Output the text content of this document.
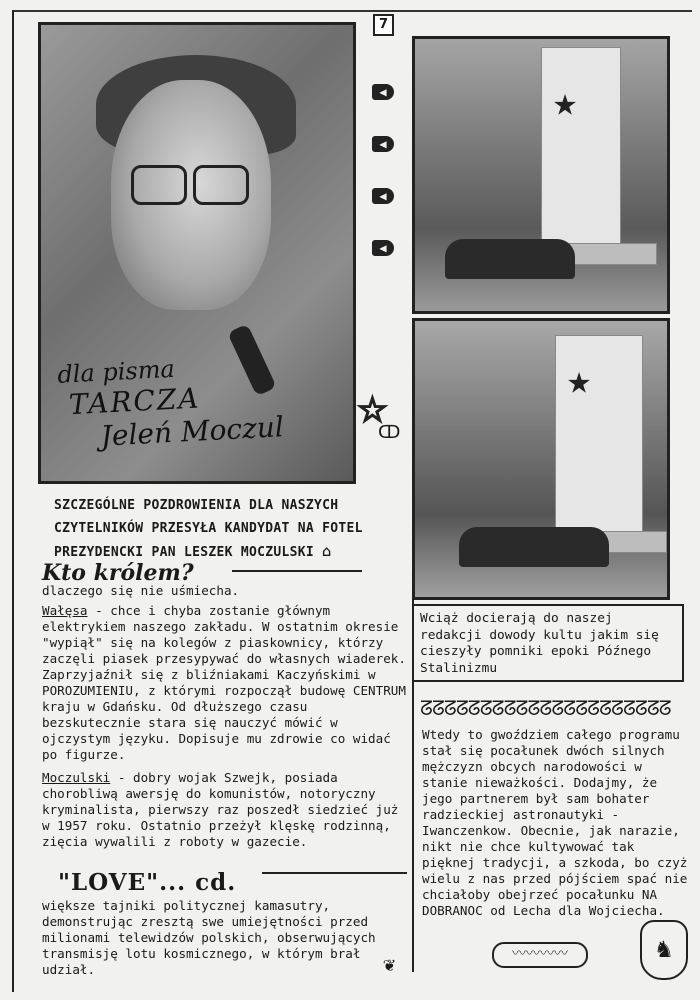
7
dla pisma
TARCZA
Jeleń Moczul
◀
◀
◀
◀
☆
ↀ
★
★
Wciąż docierają do naszej redakcji dowody kultu jakim się cieszyły pomniki epoki Późnego Stalinizmu

SZCZEGÓLNE POZDROWIENIA DLA NASZYCH

CZYTELNIKÓW PRZESYŁA KANDYDAT NA FOTEL

PREZYDENCKI PAN LESZEK MOCZULSKI ⌂

Kto królem?
dlaczego się nie uśmiecha.

Wałęsa - chce i chyba zostanie głównym elektrykiem naszego zakładu. W ostatnim okresie "wypiął" się na kolegów z piaskownicy, którzy zaczęli piasek przesypywać do własnych wiaderek. Zaprzyjaźnił się z bliźniakami Kaczyńskimi w POROZUMIENIU, z którymi rozpoczął budowę CENTRUM kraju w Gdańsku. Od dłuższego czasu bezskutecznie stara się nauczyć mówić w ojczystym języku. Dopisuje mu zdrowie co widać po figurze.

Moczulski - dobry wojak Szwejk, posiada chorobliwą awersję do komunistów, notoryczny kryminalista, pierwszy raz poszedł siedzieć już w 1957 roku. Ostatnio przeżył klęskę rodzinną, zięcia wywalili z roboty w gazecie.

"LOVE"... cd.
większe tajniki politycznej kamasutry, demonstrując zresztą swe umiejętności przed milionami telewidzów polskich, obserwujących transmisję lotu kosmicznego, w którym brał udział.
ᘔᘔᘔᘔᘔᘔᘔᘔᘔᘔᘔᘔᘔᘔᘔᘔᘔᘔᘔᘔᘔ
Wtedy to gwoździem całego programu stał się pocałunek dwóch silnych mężczyzn obcych narodowości w stanie nieważkości. Dodajmy, że jego partnerem był sam bohater radzieckiej astronautyki - Iwanczenkow. Obecnie, jak narazie, nikt nie chce kultywować tak pięknej tradycji, a szkoda, bo czyż wielu z nas przed pójściem spać nie chciałoby obejrzeć pocałunku NA DOBRANOC od Lecha dla Wojciecha.
〰〰〰〰	♞
❦
